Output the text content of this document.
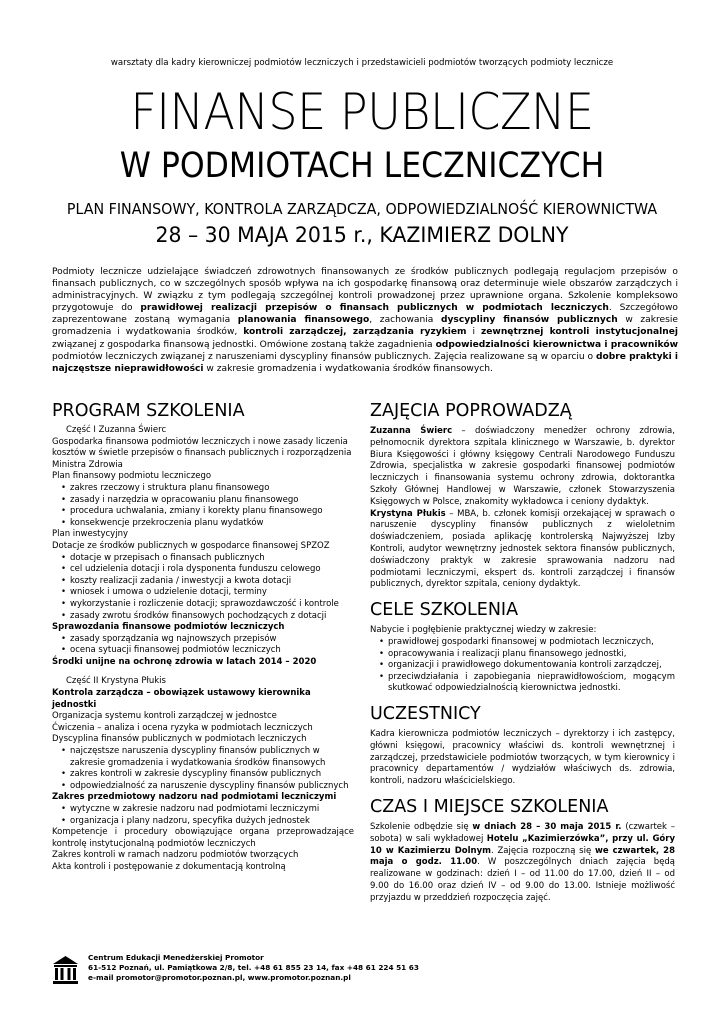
warsztaty dla kadry kierowniczej podmiotów leczniczych i przedstawicieli podmiotów tworzących podmioty lecznicze
FINANSE PUBLICZNE
W PODMIOTACH LECZNICZYCH
PLAN FINANSOWY, KONTROLA ZARZĄDCZA, ODPOWIEDZIALNOŚĆ KIEROWNICTWA
28 – 30 MAJA 2015 r., KAZIMIERZ DOLNY
Podmioty lecznicze udzielające świadczeń zdrowotnych finansowanych ze środków publicznych podlegają regulacjom przepisów o finansach publicznych, co w szczególnych sposób wpływa na ich gospodarkę finansową oraz determinuje wiele obszarów zarządczych i administracyjnych. W związku z tym podlegają szczególnej kontroli prowadzonej przez uprawnione organa. Szkolenie kompleksowo przygotowuje do prawidłowej realizacji przepisów o finansach publicznych w podmiotach leczniczych. Szczegółowo zaprezentowane zostaną wymagania planowania finansowego, zachowania dyscypliny finansów publicznych w zakresie gromadzenia i wydatkowania środków, kontroli zarządczej, zarządzania ryzykiem i zewnętrznej kontroli instytucjonalnej związanej z gospodarka finansową jednostki. Omówione zostaną także zagadnienia odpowiedzialności kierownictwa i pracowników podmiotów leczniczych związanej z naruszeniami dyscypliny finansów publicznych. Zajęcia realizowane są w oparciu o dobre praktyki i najczęstsze nieprawidłowości w zakresie gromadzenia i wydatkowania środków finansowych.
PROGRAM SZKOLENIA
Część I Zuzanna Świerc
Gospodarka finansowa podmiotów leczniczych i nowe zasady liczenia kosztów w świetle przepisów o finansach publicznych i rozporządzenia Ministra Zdrowia
Plan finansowy podmiotu leczniczego
• zakres rzeczowy i struktura planu finansowego
• zasady i narzędzia w opracowaniu planu finansowego
• procedura uchwalania, zmiany i korekty planu finansowego
• konsekwencje przekroczenia planu wydatków
Plan inwestycyjny
Dotacje ze środków publicznych w gospodarce finansowej SPZOZ
• dotacje w przepisach o finansach publicznych
• cel udzielenia dotacji i rola dysponenta funduszu celowego
• koszty realizacji zadania / inwestycji a kwota dotacji
• wniosek i umowa o udzielenie dotacji, terminy
• wykorzystanie i rozliczenie dotacji; sprawozdawczość i kontrole
• zasady zwrotu środków finansowych pochodzących z dotacji
Sprawozdania finansowe podmiotów leczniczych
• zasady sporządzania wg najnowszych przepisów
• ocena sytuacji finansowej podmiotów leczniczych
Środki unijne na ochronę zdrowia w latach 2014 – 2020
Część II Krystyna Płukis
Kontrola zarządcza – obowiązek ustawowy kierownika jednostki
Organizacja systemu kontroli zarządczej w jednostce
Ćwiczenia – analiza i ocena ryzyka w podmiotach leczniczych
Dyscyplina finansów publicznych w podmiotach leczniczych
• najczęstsze naruszenia dyscypliny finansów publicznych w zakresie gromadzenia i wydatkowania środków finansowych
• zakres kontroli w zakresie dyscypliny finansów publicznych
• odpowiedzialność za naruszenie dyscypliny finansów publicznych
Zakres przedmiotowy nadzoru nad podmiotami leczniczymi
• wytyczne w zakresie nadzoru nad podmiotami leczniczymi
• organizacja i plany nadzoru, specyfika dużych jednostek
Kompetencje i procedury obowiązujące organa przeprowadzające kontrolę instytucjonalną podmiotów leczniczych
Zakres kontroli w ramach nadzoru podmiotów tworzących
Akta kontroli i postępowanie z dokumentacją kontrolną
ZAJĘCIA POPROWADZĄ
Zuzanna Świerc – doświadczony menedżer ochrony zdrowia, pełnomocnik dyrektora szpitala klinicznego w Warszawie, b. dyrektor Biura Księgowości i główny księgowy Centrali Narodowego Funduszu Zdrowia, specjalistka w zakresie gospodarki finansowej podmiotów leczniczych i finansowania systemu ochrony zdrowia, doktorantka Szkoły Głównej Handlowej w Warszawie, członek Stowarzyszenia Księgowych w Polsce, znakomity wykładowca i ceniony dydaktyk.
Krystyna Płukis – MBA, b. członek komisji orzekającej w sprawach o naruszenie dyscypliny finansów publicznych z wieloletnim doświadczeniem, posiada aplikację kontrolerską Najwyższej Izby Kontroli, audytor wewnętrzny jednostek sektora finansów publicznych, doświadczony praktyk w zakresie sprawowania nadzoru nad podmiotami leczniczymi, ekspert ds. kontroli zarządczej i finansów publicznych, dyrektor szpitala, ceniony dydaktyk.
CELE SZKOLENIA
Nabycie i pogłębienie praktycznej wiedzy w zakresie:
• prawidłowej gospodarki finansowej w podmiotach leczniczych,
• opracowywania i realizacji planu finansowego jednostki,
• organizacji i prawidłowego dokumentowania kontroli zarządczej,
• przeciwdziałania i zapobiegania nieprawidłowościom, mogącym skutkować odpowiedzialnością kierownictwa jednostki.
UCZESTNICY
Kadra kierownicza podmiotów leczniczych – dyrektorzy i ich zastępcy, główni księgowi, pracownicy właściwi ds. kontroli wewnętrznej i zarządczej, przedstawiciele podmiotów tworzących, w tym kierownicy i pracownicy departamentów / wydziałów właściwych ds. zdrowia, kontroli, nadzoru właścicielskiego.
CZAS I MIEJSCE SZKOLENIA
Szkolenie odbędzie się w dniach 28 – 30 maja 2015 r. (czwartek – sobota) w sali wykładowej Hotelu „Kazimierzówka”, przy ul. Góry 10 w Kazimierzu Dolnym. Zajęcia rozpoczną się we czwartek, 28 maja o godz. 11.00. W poszczególnych dniach zajęcia będą realizowane w godzinach: dzień I – od 11.00 do 17.00, dzień II – od 9.00 do 16.00 oraz dzień IV – od 9.00 do 13.00. Istnieje możliwość przyjazdu w przeddzień rozpoczęcia zajęć.
Centrum Edukacji Menedżerskiej Promotor
61-512 Poznań, ul. Pamiątkowa 2/8, tel. +48 61 855 23 14, fax +48 61 224 51 63
e-mail promotor@promotor.poznan.pl, www.promotor.poznan.pl
